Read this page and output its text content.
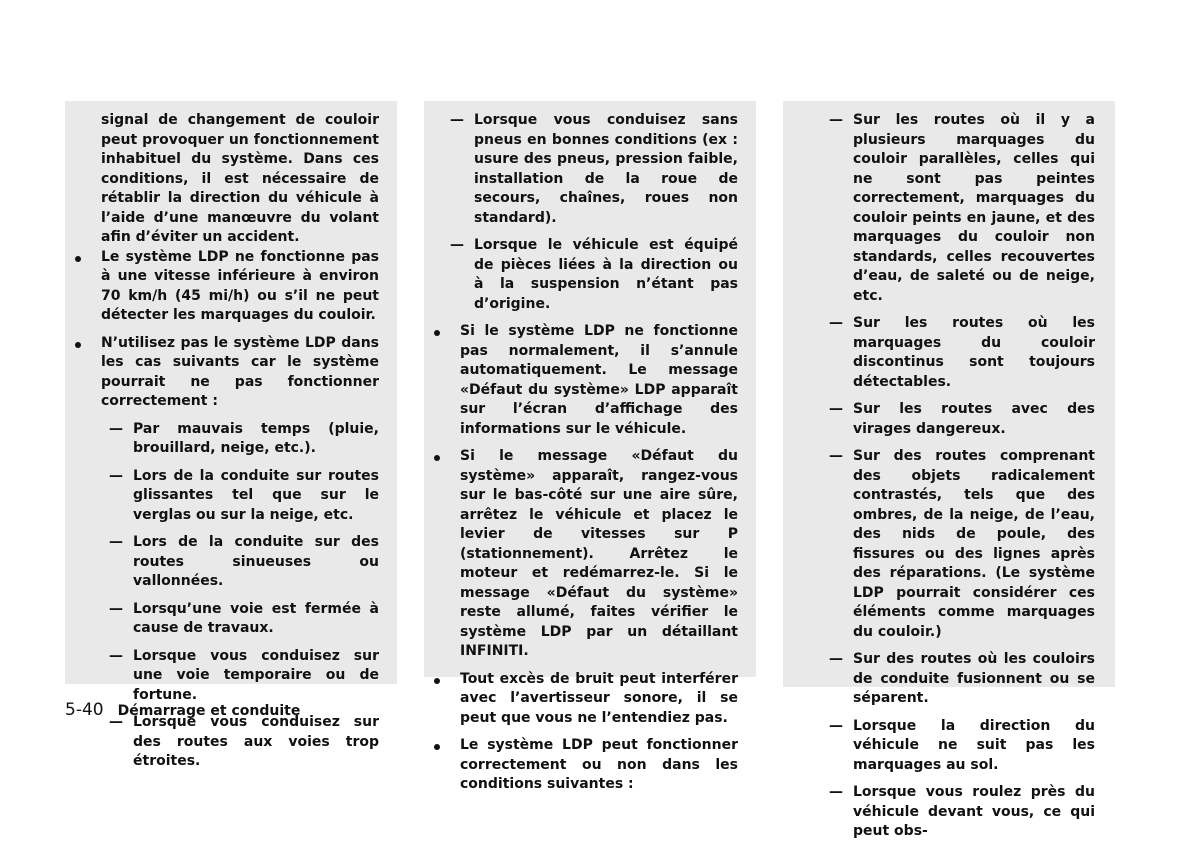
signal de changement de couloir peut provoquer un fonctionnement inhabituel du système. Dans ces conditions, il est nécessaire de rétablir la direction du véhicule à l’aide d’une manœuvre du volant afin d’éviter un accident.

Le système LDP ne fonctionne pas à une vitesse inférieure à environ 70 km/h (45 mi/h) ou s’il ne peut détecter les marquages du couloir.

N’utilisez pas le système LDP dans les cas suivants car le système pourrait ne pas fonctionner correctement :

— Par mauvais temps (pluie, brouillard, neige, etc.).

— Lors de la conduite sur routes glissantes tel que sur le verglas ou sur la neige, etc.

— Lors de la conduite sur des routes sinueuses ou vallonnées.

— Lorsqu’une voie est fermée à cause de travaux.

— Lorsque vous conduisez sur une voie temporaire ou de fortune.

— Lorsque vous conduisez sur des routes aux voies trop étroites.

— Lorsque vous conduisez sans pneus en bonnes conditions (ex : usure des pneus, pression faible, installation de la roue de secours, chaînes, roues non standard).

— Lorsque le véhicule est équipé de pièces liées à la direction ou à la suspension n’étant pas d’origine.

Si le système LDP ne fonctionne pas normalement, il s’annule automatiquement. Le message «Défaut du système» LDP apparaît sur l’écran d’affichage des informations sur le véhicule.

Si le message «Défaut du système» apparaît, rangez-vous sur le bas-côté sur une aire sûre, arrêtez le véhicule et placez le levier de vitesses sur P (stationnement). Arrêtez le moteur et redémarrez-le. Si le message «Défaut du système» reste allumé, faites vérifier le système LDP par un détaillant INFINITI.

Tout excès de bruit peut interférer avec l’avertisseur sonore, il se peut que vous ne l’entendiez pas.

Le système LDP peut fonctionner correctement ou non dans les conditions suivantes :

— Sur les routes où il y a plusieurs marquages du couloir parallèles, celles qui ne sont pas peintes correctement, marquages du couloir peints en jaune, et des marquages du couloir non standards, celles recouvertes d’eau, de saleté ou de neige, etc.

— Sur les routes où les marquages du couloir discontinus sont toujours détectables.

— Sur les routes avec des virages dangereux.

— Sur des routes comprenant des objets radicalement contrastés, tels que des ombres, de la neige, de l’eau, des nids de poule, des fissures ou des lignes après des réparations. (Le système LDP pourrait considérer ces éléments comme marquages du couloir.)

— Sur des routes où les couloirs de conduite fusionnent ou se séparent.

— Lorsque la direction du véhicule ne suit pas les marquages au sol.

— Lorsque vous roulez près du véhicule devant vous, ce qui peut obs-

5-40 Démarrage et conduite
